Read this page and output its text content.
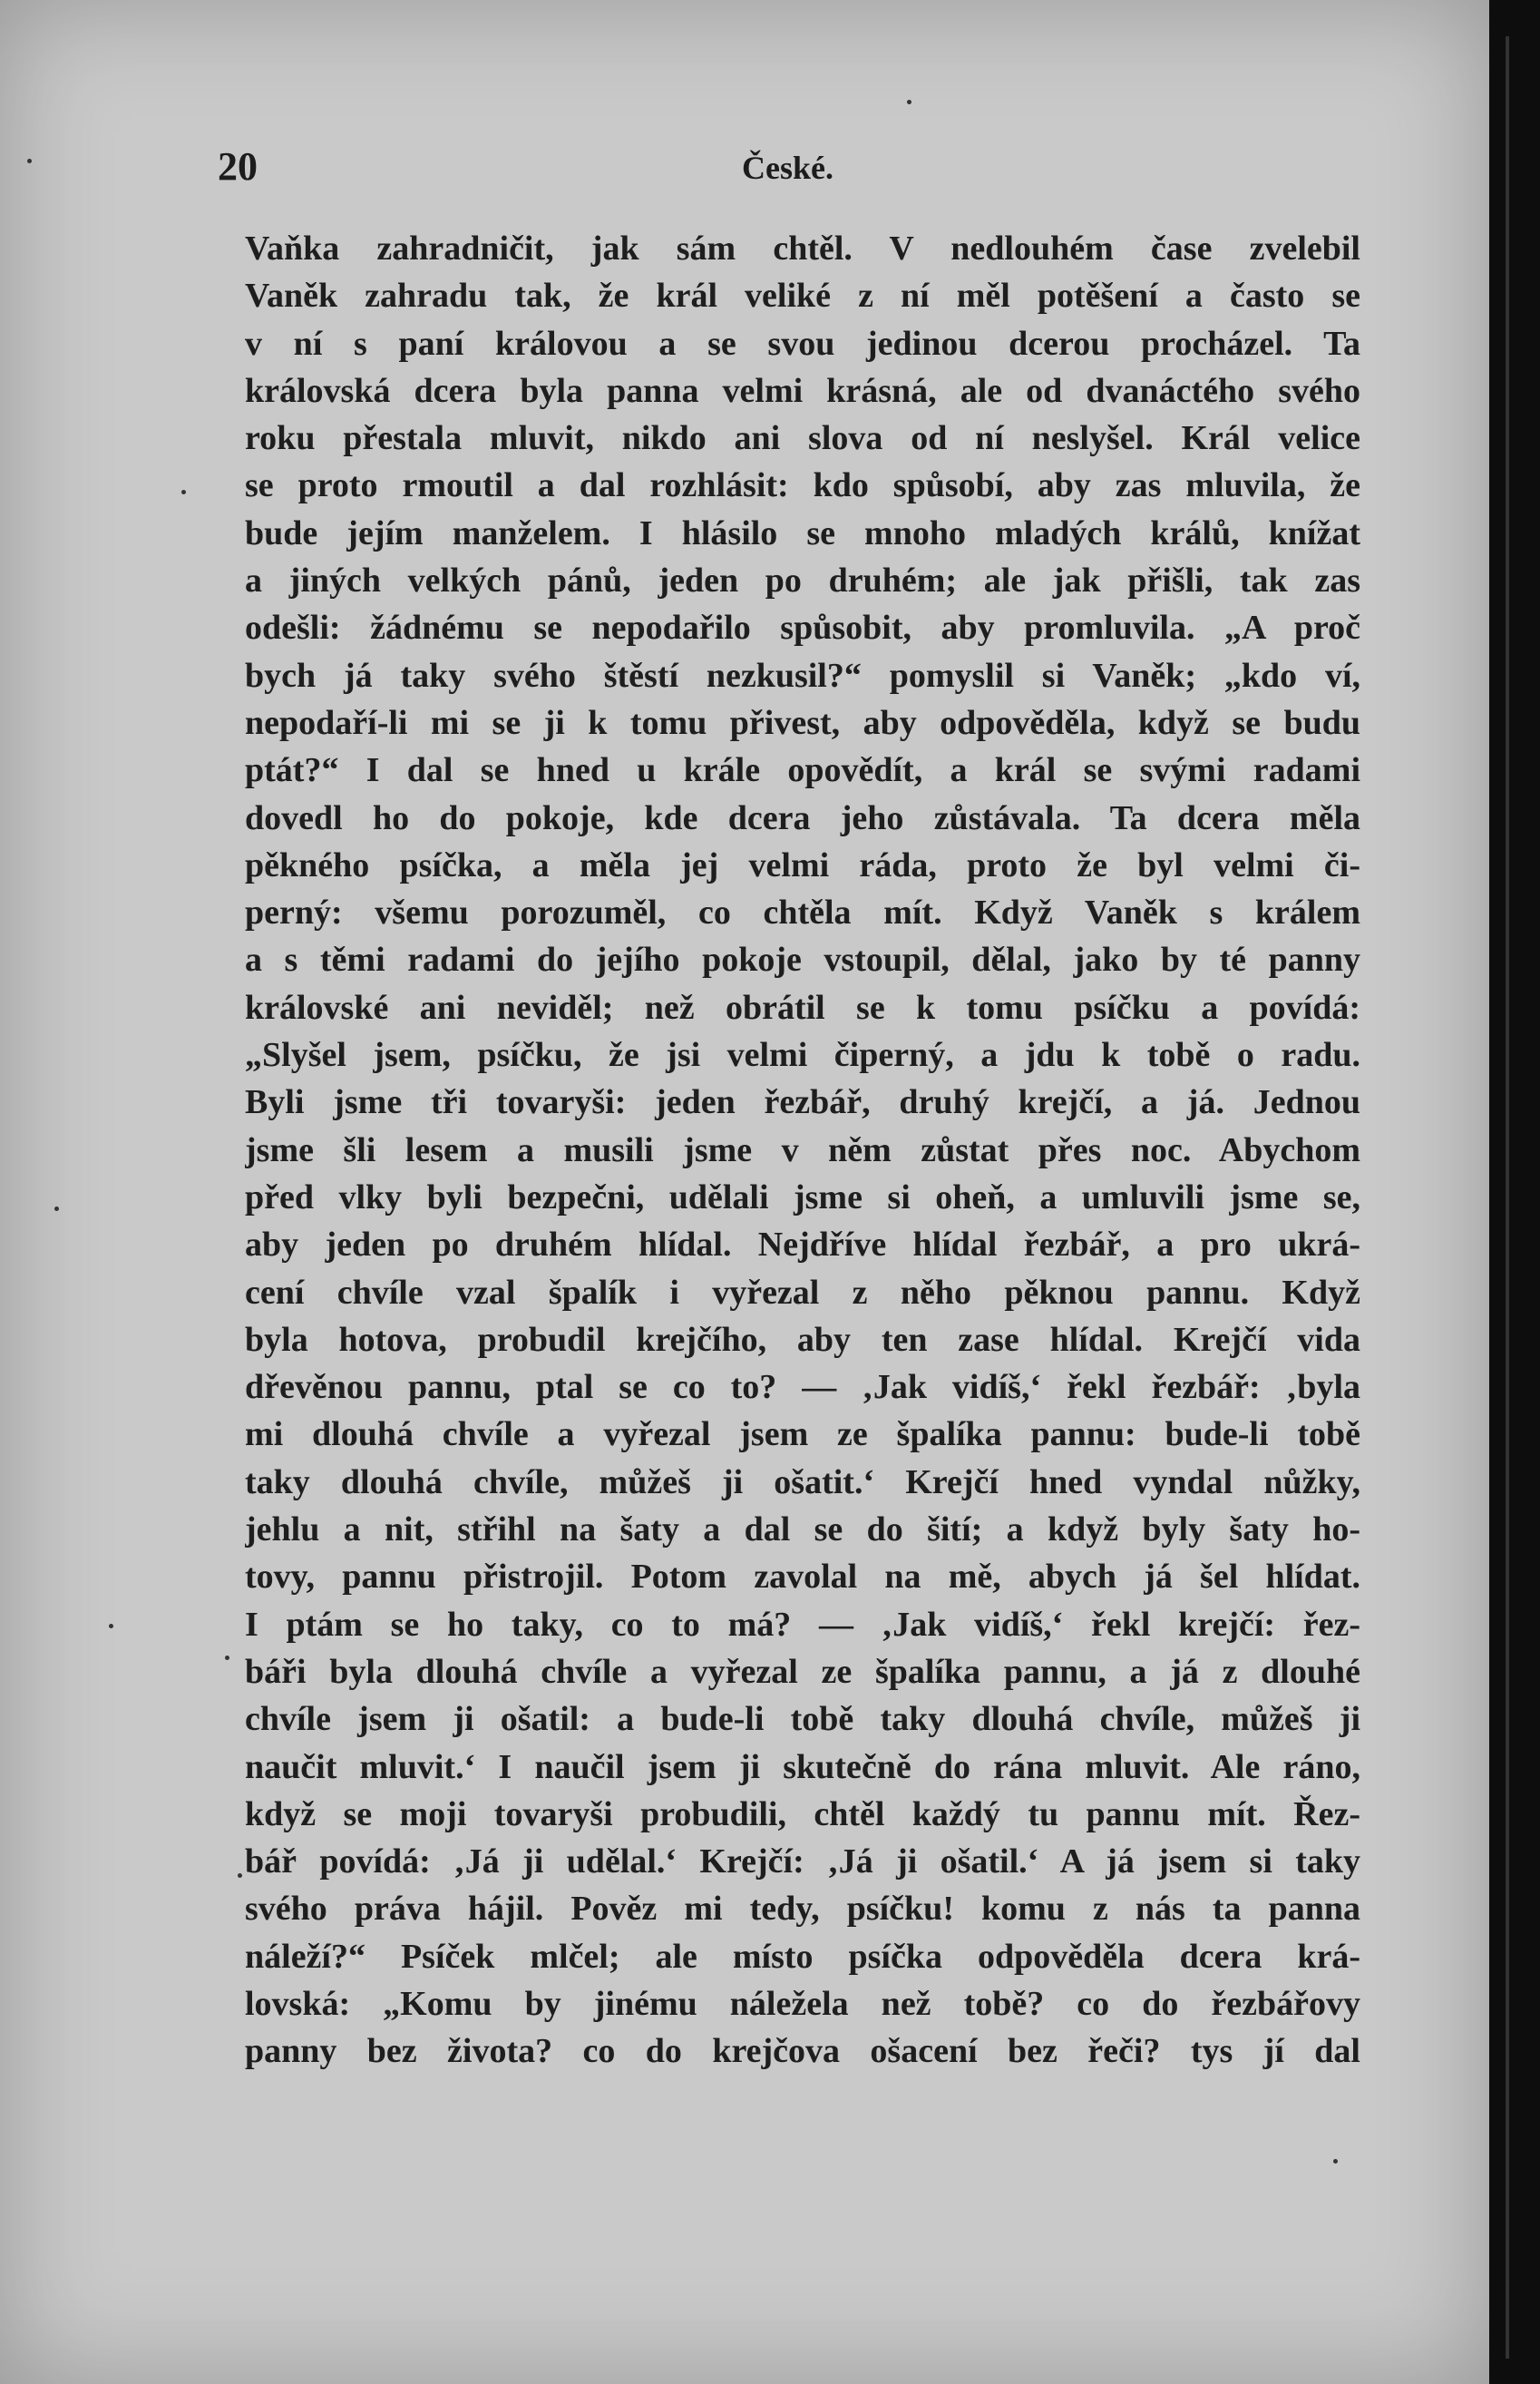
20	České.
Vaňka zahradničit, jak sám chtěl. V nedlouhém čase zvelebil
Vaněk zahradu tak, že král veliké z ní měl potěšení a často se
v ní s paní královou a se svou jedinou dcerou procházel. Ta
královská dcera byla panna velmi krásná, ale od dvanáctého svého
roku přestala mluvit, nikdo ani slova od ní neslyšel. Král velice
se proto rmoutil a dal rozhlásit: kdo spůsobí, aby zas mluvila, že
bude jejím manželem. I hlásilo se mnoho mladých králů, knížat
a jiných velkých pánů, jeden po druhém; ale jak přišli, tak zas
odešli: žádnému se nepodařilo spůsobit, aby promluvila. „A proč
bych já taky svého štěstí nezkusil?“ pomyslil si Vaněk; „kdo ví,
nepodaří-li mi se ji k tomu přivest, aby odpověděla, když se budu
ptát?“ I dal se hned u krále opovědít, a král se svými radami
dovedl ho do pokoje, kde dcera jeho zůstávala. Ta dcera měla
pěkného psíčka, a měla jej velmi ráda, proto že byl velmi či-
perný: všemu porozuměl, co chtěla mít. Když Vaněk s králem
a s těmi radami do jejího pokoje vstoupil, dělal, jako by té panny
královské ani neviděl; než obrátil se k tomu psíčku a povídá:
„Slyšel jsem, psíčku, že jsi velmi čiperný, a jdu k tobě o radu.
Byli jsme tři tovaryši: jeden řezbář, druhý krejčí, a já. Jednou
jsme šli lesem a musili jsme v něm zůstat přes noc. Abychom
před vlky byli bezpečni, udělali jsme si oheň, a umluvili jsme se,
aby jeden po druhém hlídal. Nejdříve hlídal řezbář, a pro ukrá-
cení chvíle vzal špalík i vyřezal z něho pěknou pannu. Když
byla hotova, probudil krejčího, aby ten zase hlídal. Krejčí vida
dřevěnou pannu, ptal se co to? — ‚Jak vidíš,‘ řekl řezbář: ‚byla
mi dlouhá chvíle a vyřezal jsem ze špalíka pannu: bude-li tobě
taky dlouhá chvíle, můžeš ji ošatit.‘ Krejčí hned vyndal nůžky,
jehlu a nit, střihl na šaty a dal se do šití; a když byly šaty ho-
tovy, pannu přistrojil. Potom zavolal na mě, abych já šel hlídat.
I ptám se ho taky, co to má? — ‚Jak vidíš,‘ řekl krejčí: řez-
báři byla dlouhá chvíle a vyřezal ze špalíka pannu, a já z dlouhé
chvíle jsem ji ošatil: a bude-li tobě taky dlouhá chvíle, můžeš ji
naučit mluvit.‘ I naučil jsem ji skutečně do rána mluvit. Ale ráno,
když se moji tovaryši probudili, chtěl každý tu pannu mít. Řez-
bář povídá: ‚Já ji udělal.‘ Krejčí: ‚Já ji ošatil.‘ A já jsem si taky
svého práva hájil. Pověz mi tedy, psíčku! komu z nás ta panna
náleží?“ Psíček mlčel; ale místo psíčka odpověděla dcera krá-
lovská: „Komu by jinému náležela než tobě? co do řezbářovy
panny bez života? co do krejčova ošacení bez řeči? tys jí dal
